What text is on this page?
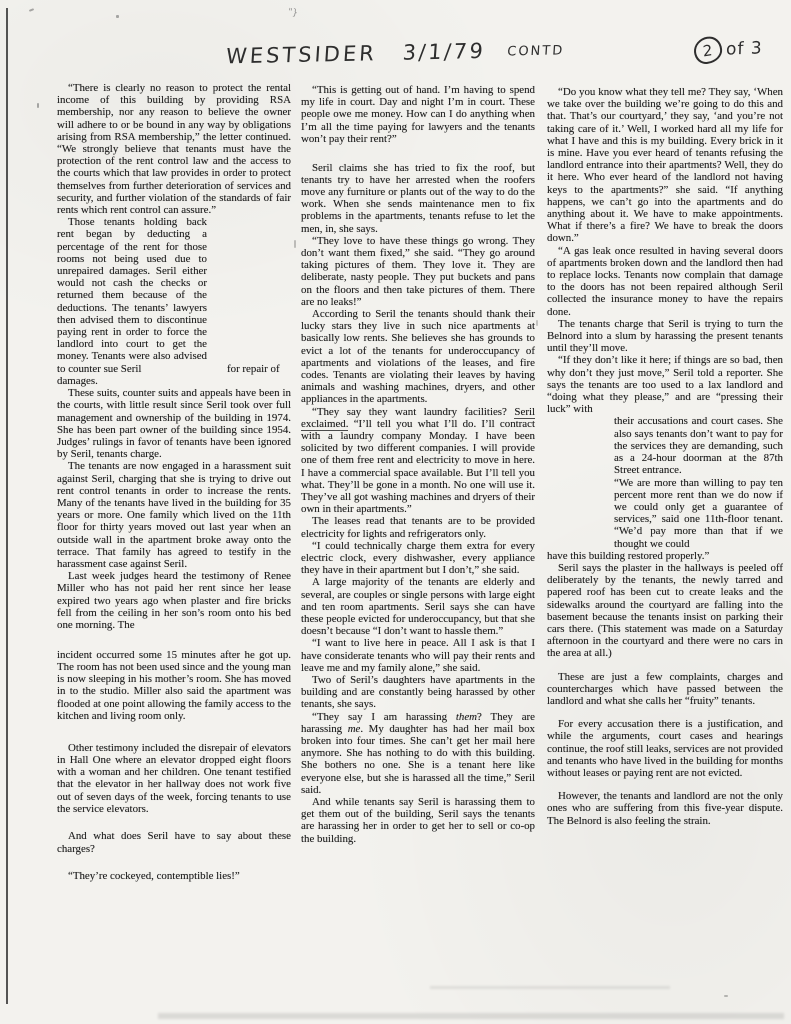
"}
WESTSIDER 3/1/79 CONTD	2 of 3

“There is clearly no reason to protect the rental income of this building by providing RSA membership, nor any reason to believe the owner will adhere to or be bound in any way by obligations arising from RSA membership,” the letter continued. “We strongly believe that tenants must have the protection of the rent control law and the access to the courts which that law provides in order to protect themselves from further deterioration of services and security, and further violation of the standards of fair rents which rent control can assure.”

Those tenants holding back rent began by deducting a percentage of the rent for those rooms not being used due to unrepaired damages. Seril either would not cash the checks or returned them because of the deductions. The tenants’ lawyers then advised them to discontinue paying rent in order to force the landlord into court to get the money. Tenants were also advised to counter sue Seril	for repair of

damages.

These suits, counter suits and appeals have been in the courts, with little result since Seril took over full management and ownership of the building in 1974. She has been part owner of the building since 1954. Judges’ rulings in favor of tenants have been ignored by Seril, tenants charge.

The tenants are now engaged in a harassment suit against Seril, charging that she is trying to drive out rent control tenants in order to increase the rents. Many of the tenants have lived in the building for 35 years or more. One family which lived on the 11th floor for thirty years moved out last year when an outside wall in the apartment broke away onto the terrace. That family has agreed to testify in the harassment case against Seril.

Last week judges heard the testimony of Renee Miller who has not paid her rent since her lease expired two years ago when plaster and fire bricks fell from the ceiling in her son’s room onto his bed one morning. The

incident occurred some 15 minutes after he got up. The room has not been used since and the young man is now sleeping in his mother’s room. She has moved in to the studio. Miller also said the apartment was flooded at one point allowing the family access to the kitchen and living room only.

Other testimony included the disrepair of elevators in Hall One where an elevator dropped eight floors with a woman and her children. One tenant testified that the elevator in her hallway does not work five out of seven days of the week, forcing tenants to use the service elevators.

And what does Seril have to say about these charges?

“They’re cockeyed, contemptible lies!”

“This is getting out of hand. I’m having to spend my life in court. Day and night I’m in court. These people owe me money. How can I do anything when I’m all the time paying for lawyers and the tenants won’t pay their rent?”

Seril claims she has tried to fix the roof, but tenants try to have her arrested when the roofers move any furniture or plants out of the way to do the work. When she sends maintenance men to fix problems in the apartments, tenants refuse to let the men, in, she says.

“They love to have these things go wrong. They don’t want them fixed,” she said. “They go around taking pictures of them. They love it. They are deliberate, nasty people. They put buckets and pans on the floors and then take pictures of them. There are no leaks!”

According to Seril the tenants should thank their lucky stars they live in such nice apartments at basically low rents. She believes she has grounds to evict a lot of the tenants for underoccupancy of apartments and violations of the leases, and fire codes. Tenants are violating their leaves by having animals and washing machines, dryers, and other appliances in the apartments.

“They say they want laundry facilities? Seril exclaimed. “I’ll tell you what I’ll do. I’ll contract with a laundry company Monday. I have been solicited by two different companies. I will provide one of them free rent and electricity to move in here. I have a commercial space available. But I’ll tell you what. They’ll be gone in a month. No one will use it. They’ve all got washing machines and dryers of their own in their apartments.”

The leases read that tenants are to be provided electricity for lights and refrigerators only.

“I could technically charge them extra for every electric clock, every dishwasher, every appliance they have in their apartment but I don’t,” she said.

A large majority of the tenants are elderly and several, are couples or single persons with large eight and ten room apartments. Seril says she can have these people evicted for underoccupancy, but that she doesn’t because “I don’t want to hassle them.”

“I want to live here in peace. All I ask is that I have considerate tenants who will pay their rents and leave me and my family alone,” she said.

Two of Seril’s daughters have apartments in the building and are constantly being harassed by other tenants, she says.

“They say I am harassing them? They are harassing me. My daughter has had her mail box broken into four times. She can’t get her mail here anymore. She has nothing to do with this building. She bothers no one. She is a tenant here like everyone else, but she is harassed all the time,” Seril said.

And while tenants say Seril is harassing them to get them out of the building, Seril says the tenants are harassing her in order to get her to sell or co-op the building.

“Do you know what they tell me? They say, ‘When we take over the building we’re going to do this and that. That’s our courtyard,’ they say, ‘and you’re not taking care of it.’ Well, I worked hard all my life for what I have and this is my building. Every brick in it is mine. Have you ever heard of tenants refusing the landlord entrance into their apartments? Well, they do it here. Who ever heard of the landlord not having keys to the apartments?” she said. “If anything happens, we can’t go into the apartments and do anything about it. We have to make appointments. What if there’s a fire? We have to break the doors down.”

“A gas leak once resulted in having several doors of apartments broken down and the landlord then had to replace locks. Tenants now complain that damage to the doors has not been repaired although Seril collected the insurance money to have the repairs done.

The tenants charge that Seril is trying to turn the Belnord into a slum by harassing the present tenants until they’ll move.

“If they don’t like it here; if things are so bad, then why don’t they just move,” Seril told a reporter. She says the tenants are too used to a lax landlord and “doing what they please,” and are “pressing their luck” with

their accusations and court cases. She also says tenants don’t want to pay for the services they are demanding, such as a 24-hour doorman at the 87th Street entrance.

“We are more than willing to pay ten percent more rent than we do now if we could only get a guarantee of services,” said one 11th-floor tenant. “We’d pay more than that if we thought we could

have this building restored properly.”

Seril says the plaster in the hallways is peeled off deliberately by the tenants, the newly tarred and papered roof has been cut to create leaks and the sidewalks around the courtyard are falling into the basement because the tenants insist on parking their cars there. (This statement was made on a Saturday afternoon in the courtyard and there were no cars in the area at all.)

These are just a few complaints, charges and countercharges which have passed between the landlord and what she calls her “fruity” tenants.

For every accusation there is a justification, and while the arguments, court cases and hearings continue, the roof still leaks, services are not provided and tenants who have lived in the building for months without leases or paying rent are not evicted.

However, the tenants and landlord are not the only ones who are suffering from this five-year dispute. The Belnord is also feeling the strain.
